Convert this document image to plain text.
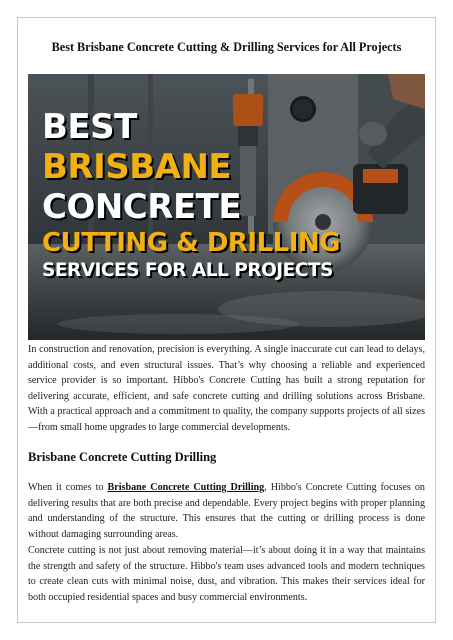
Best Brisbane Concrete Cutting & Drilling Services for All Projects
BEST
BRISBANE
CONCRETE
CUTTING & DRILLING
SERVICES FOR ALL PROJECTS

In construction and renovation, precision is everything. A single inaccurate cut can lead to delays, additional costs, and even structural issues. That’s why choosing a reliable and experienced service provider is so important. Hibbo's Concrete Cutting has built a strong reputation for delivering accurate, efficient, and safe concrete cutting and drilling solutions across Brisbane. With a practical approach and a commitment to quality, the company supports projects of all sizes—from small home upgrades to large commercial developments.

Brisbane Concrete Cutting Drilling

When it comes to Brisbane Concrete Cutting Drilling, Hibbo's Concrete Cutting focuses on delivering results that are both precise and dependable. Every project begins with proper planning and understanding of the structure. This ensures that the cutting or drilling process is done without damaging surrounding areas.

Concrete cutting is not just about removing material—it’s about doing it in a way that maintains the strength and safety of the structure. Hibbo's team uses advanced tools and modern techniques to create clean cuts with minimal noise, dust, and vibration. This makes their services ideal for both occupied residential spaces and busy commercial environments.
